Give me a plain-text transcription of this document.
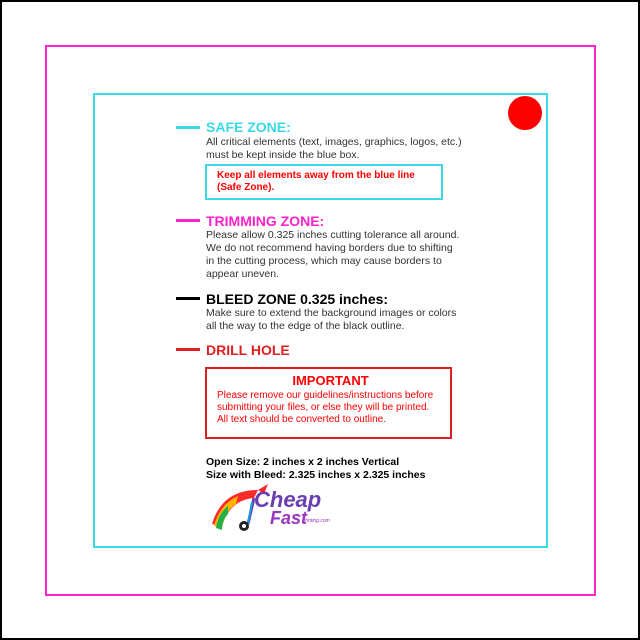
SAFE ZONE:
All critical elements (text, images, graphics, logos, etc.)
must be kept inside the blue box.
Keep all elements away from the blue line
(Safe Zone).
TRIMMING ZONE:
Please allow 0.325 inches cutting tolerance all around.
We do not recommend having borders due to shifting
in the cutting process, which may cause borders to
appear uneven.
BLEED ZONE 0.325 inches:
Make sure to extend the background images or colors
all the way to the edge of the black outline.
DRILL HOLE
IMPORTANT
Please remove our guidelines/instructions before
submitting your files, or else they will be printed.
All text should be converted to outline.
Open Size: 2 inches x 2 inches Vertical
Size with Bleed: 2.325 inches x 2.325 inches
Cheap
Fast
Printing.com
